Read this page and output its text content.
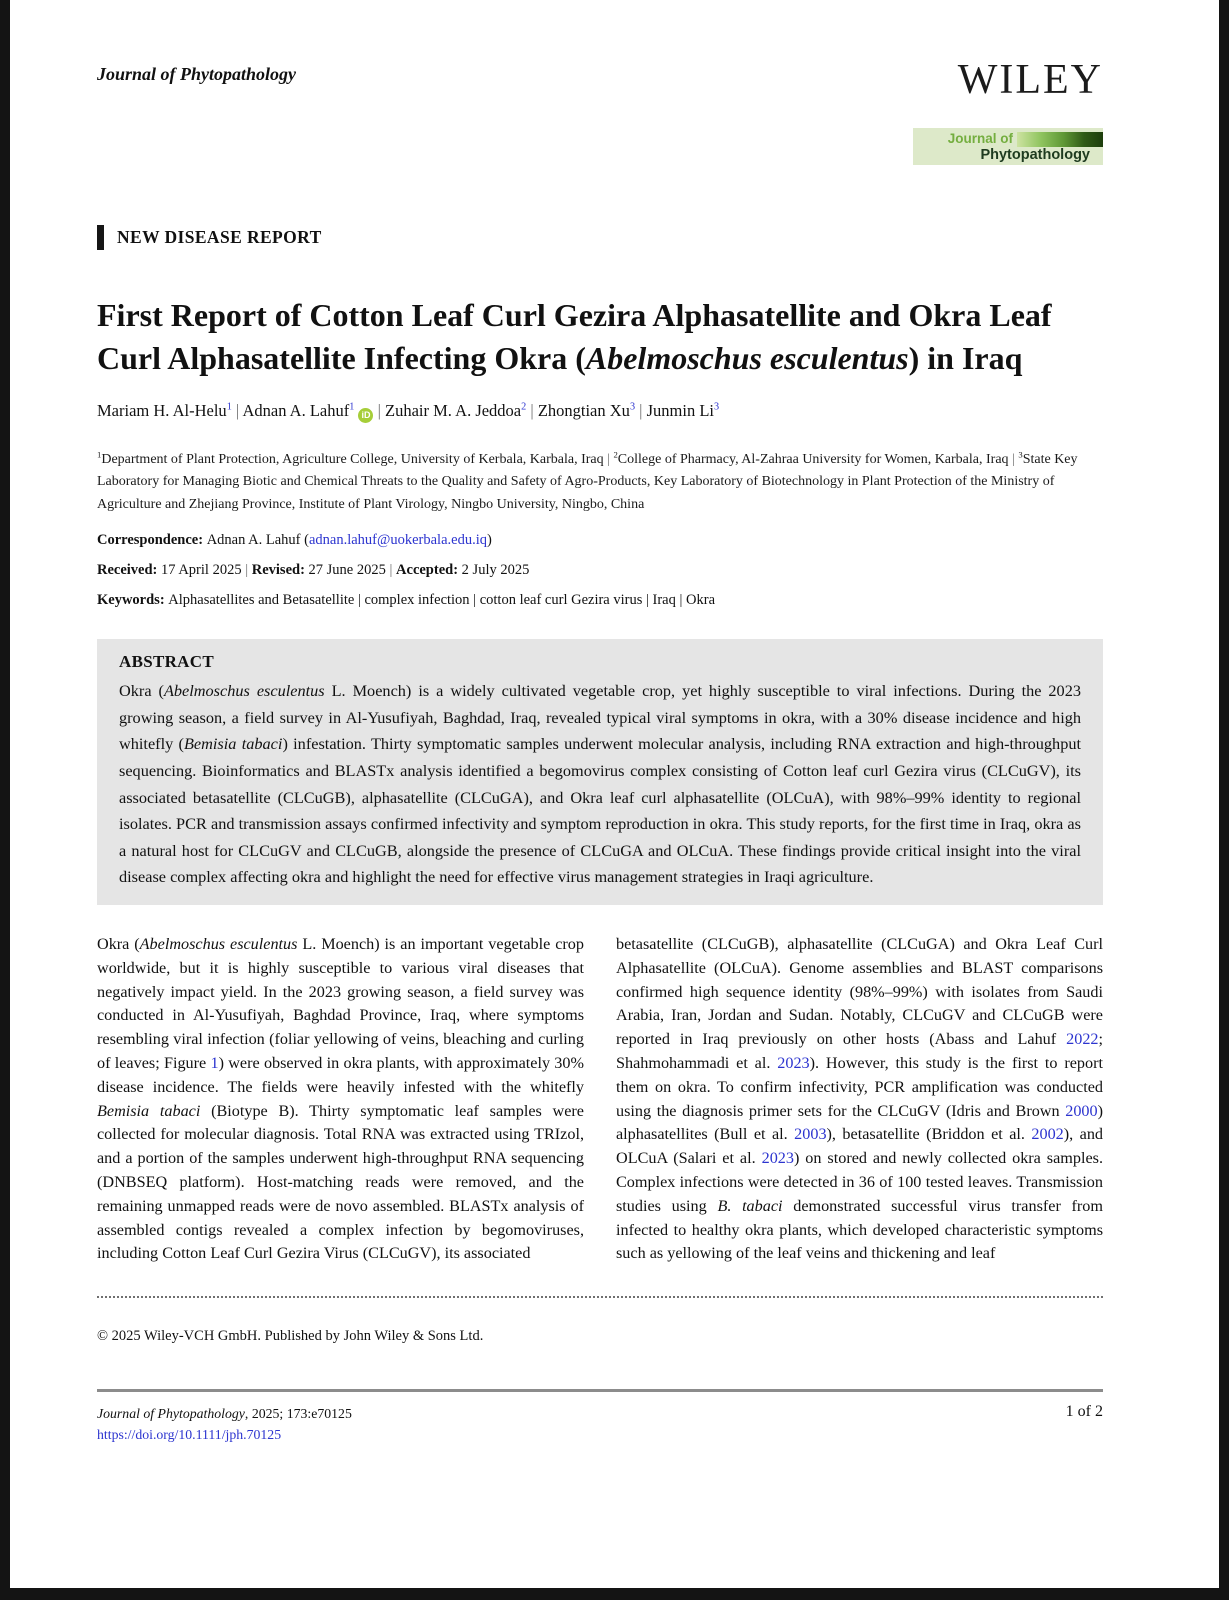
Journal of Phytopathology	WILEY
Journal of
Phytopathology
NEW DISEASE REPORT
First Report of Cotton Leaf Curl Gezira Alphasatellite and Okra Leaf Curl Alphasatellite Infecting Okra (Abelmoschus esculentus) in Iraq
Mariam H. Al-Helu$^1$ | Adnan A. Lahuf$^1$ iD | Zuhair M. A. Jeddoa$^2$ | Zhongtian Xu$^3$ | Junmin Li$^3$
$^1$Department of Plant Protection, Agriculture College, University of Kerbala, Karbala, Iraq | $^2$College of Pharmacy, Al-Zahraa University for Women, Karbala, Iraq | $^3$State Key Laboratory for Managing Biotic and Chemical Threats to the Quality and Safety of Agro-Products, Key Laboratory of Biotechnology in Plant Protection of the Ministry of Agriculture and Zhejiang Province, Institute of Plant Virology, Ningbo University, Ningbo, China
Correspondence: Adnan A. Lahuf (adnan.lahuf@uokerbala.edu.iq)
Received: 17 April 2025 | Revised: 27 June 2025 | Accepted: 2 July 2025
Keywords: Alphasatellites and Betasatellite | complex infection | cotton leaf curl Gezira virus | Iraq | Okra
ABSTRACT

Okra (Abelmoschus esculentus L. Moench) is a widely cultivated vegetable crop, yet highly susceptible to viral infections. During the 2023 growing season, a field survey in Al-Yusufiyah, Baghdad, Iraq, revealed typical viral symptoms in okra, with a 30% disease incidence and high whitefly (Bemisia tabaci) infestation. Thirty symptomatic samples underwent molecular analysis, including RNA extraction and high-throughput sequencing. Bioinformatics and BLASTx analysis identified a begomovirus complex consisting of Cotton leaf curl Gezira virus (CLCuGV), its associated betasatellite (CLCuGB), alphasatellite (CLCuGA), and Okra leaf curl alphasatellite (OLCuA), with 98%–99% identity to regional isolates. PCR and transmission assays confirmed infectivity and symptom reproduction in okra. This study reports, for the first time in Iraq, okra as a natural host for CLCuGV and CLCuGB, alongside the presence of CLCuGA and OLCuA. These findings provide critical insight into the viral disease complex affecting okra and highlight the need for effective virus management strategies in Iraqi agriculture.

Okra (Abelmoschus esculentus L. Moench) is an important vegetable crop worldwide, but it is highly susceptible to various viral diseases that negatively impact yield. In the 2023 growing season, a field survey was conducted in Al-Yusufiyah, Baghdad Province, Iraq, where symptoms resembling viral infection (foliar yellowing of veins, bleaching and curling of leaves; Figure 1) were observed in okra plants, with approximately 30% disease incidence. The fields were heavily infested with the whitefly Bemisia tabaci (Biotype B). Thirty symptomatic leaf samples were collected for molecular diagnosis. Total RNA was extracted using TRIzol, and a portion of the samples underwent high-throughput RNA sequencing (DNBSEQ platform). Host-matching reads were removed, and the remaining unmapped reads were de novo assembled. BLASTx analysis of assembled contigs revealed a complex infection by begomoviruses, including Cotton Leaf Curl Gezira Virus (CLCuGV), its associated

betasatellite (CLCuGB), alphasatellite (CLCuGA) and Okra Leaf Curl Alphasatellite (OLCuA). Genome assemblies and BLAST comparisons confirmed high sequence identity (98%–99%) with isolates from Saudi Arabia, Iran, Jordan and Sudan. Notably, CLCuGV and CLCuGB were reported in Iraq previously on other hosts (Abass and Lahuf 2022; Shahmohammadi et al. 2023). However, this study is the first to report them on okra. To confirm infectivity, PCR amplification was conducted using the diagnosis primer sets for the CLCuGV (Idris and Brown 2000) alphasatellites (Bull et al. 2003), betasatellite (Briddon et al. 2002), and OLCuA (Salari et al. 2023) on stored and newly collected okra samples. Complex infections were detected in 36 of 100 tested leaves. Transmission studies using B. tabaci demonstrated successful virus transfer from infected to healthy okra plants, which developed characteristic symptoms such as yellowing of the leaf veins and thickening and leaf

© 2025 Wiley-VCH GmbH. Published by John Wiley & Sons Ltd.
Journal of Phytopathology, 2025; 173:e70125
https://doi.org/10.1111/jph.70125
1 of 2
